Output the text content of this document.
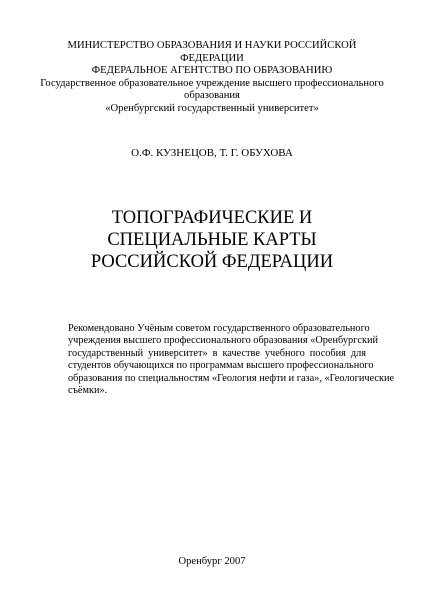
МИНИСТЕРСТВО ОБРАЗОВАНИЯ И НАУКИ РОССИЙСКОЙ
ФЕДЕРАЦИИ
ФЕДЕРАЛЬНОЕ АГЕНТСТВО ПО ОБРАЗОВАНИЮ
Государственное образовательное учреждение высшего профессионального
образования
«Оренбургский государственный университет»
О.Ф. КУЗНЕЦОВ, Т. Г. ОБУХОВА
ТОПОГРАФИЧЕСКИЕ И
СПЕЦИАЛЬНЫЕ КАРТЫ
РОССИЙСКОЙ ФЕДЕРАЦИИ
Рекомендовано Учёным советом государственного образовательного
учреждения высшего профессионального образования «Оренбургский
государственный университет» в качестве учебного пособия для
студентов обучающихся по программам высшего профессионального
образования по специальностям «Геология нефти и газа», «Геологические
съёмки».
Оренбург 2007
